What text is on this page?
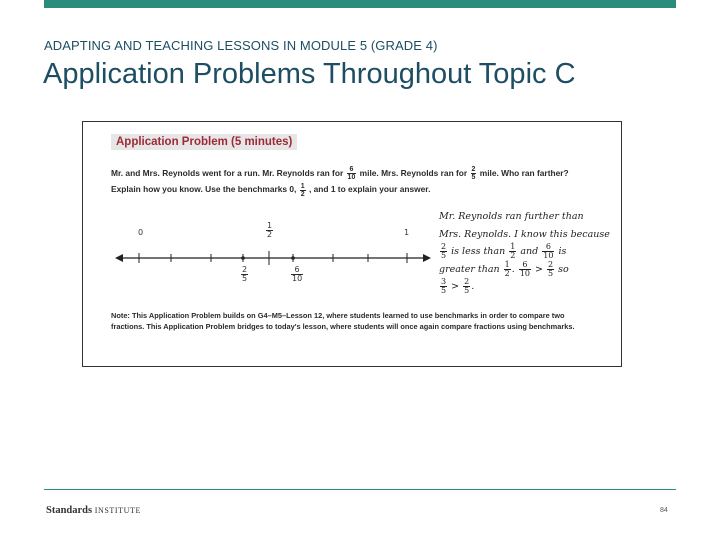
ADAPTING AND TEACHING LESSONS IN MODULE 5 (GRADE 4)
Application Problems Throughout Topic C
Application Problem (5 minutes)
Mr. and Mrs. Reynolds went for a run. Mr. Reynolds ran for $\frac{6}{10}$ mile. Mrs. Reynolds ran for $\frac{2}{5}$ mile. Who ran farther? Explain how you know. Use the benchmarks 0, $\frac{1}{2}$ , and 1 to explain your answer.
0	$\frac{1}{2}$	1
$\frac{2}{5}$	$\frac{6}{10}$
Mr. Reynolds ran further than
Mrs. Reynolds. I know this because
$\frac{2}{5}$ is less than $\frac{1}{2}$ and $\frac{6}{10}$ is
greater than $\frac{1}{2}$ . $\frac{6}{10} > \frac{2}{5}$ so
$\frac{3}{5} > \frac{2}{5}$ .
Note: This Application Problem builds on G4–M5–Lesson 12, where students learned to use benchmarks in order to compare two fractions. This Application Problem bridges to today's lesson, where students will once again compare fractions using benchmarks.
Standards INSTITUTE	84
